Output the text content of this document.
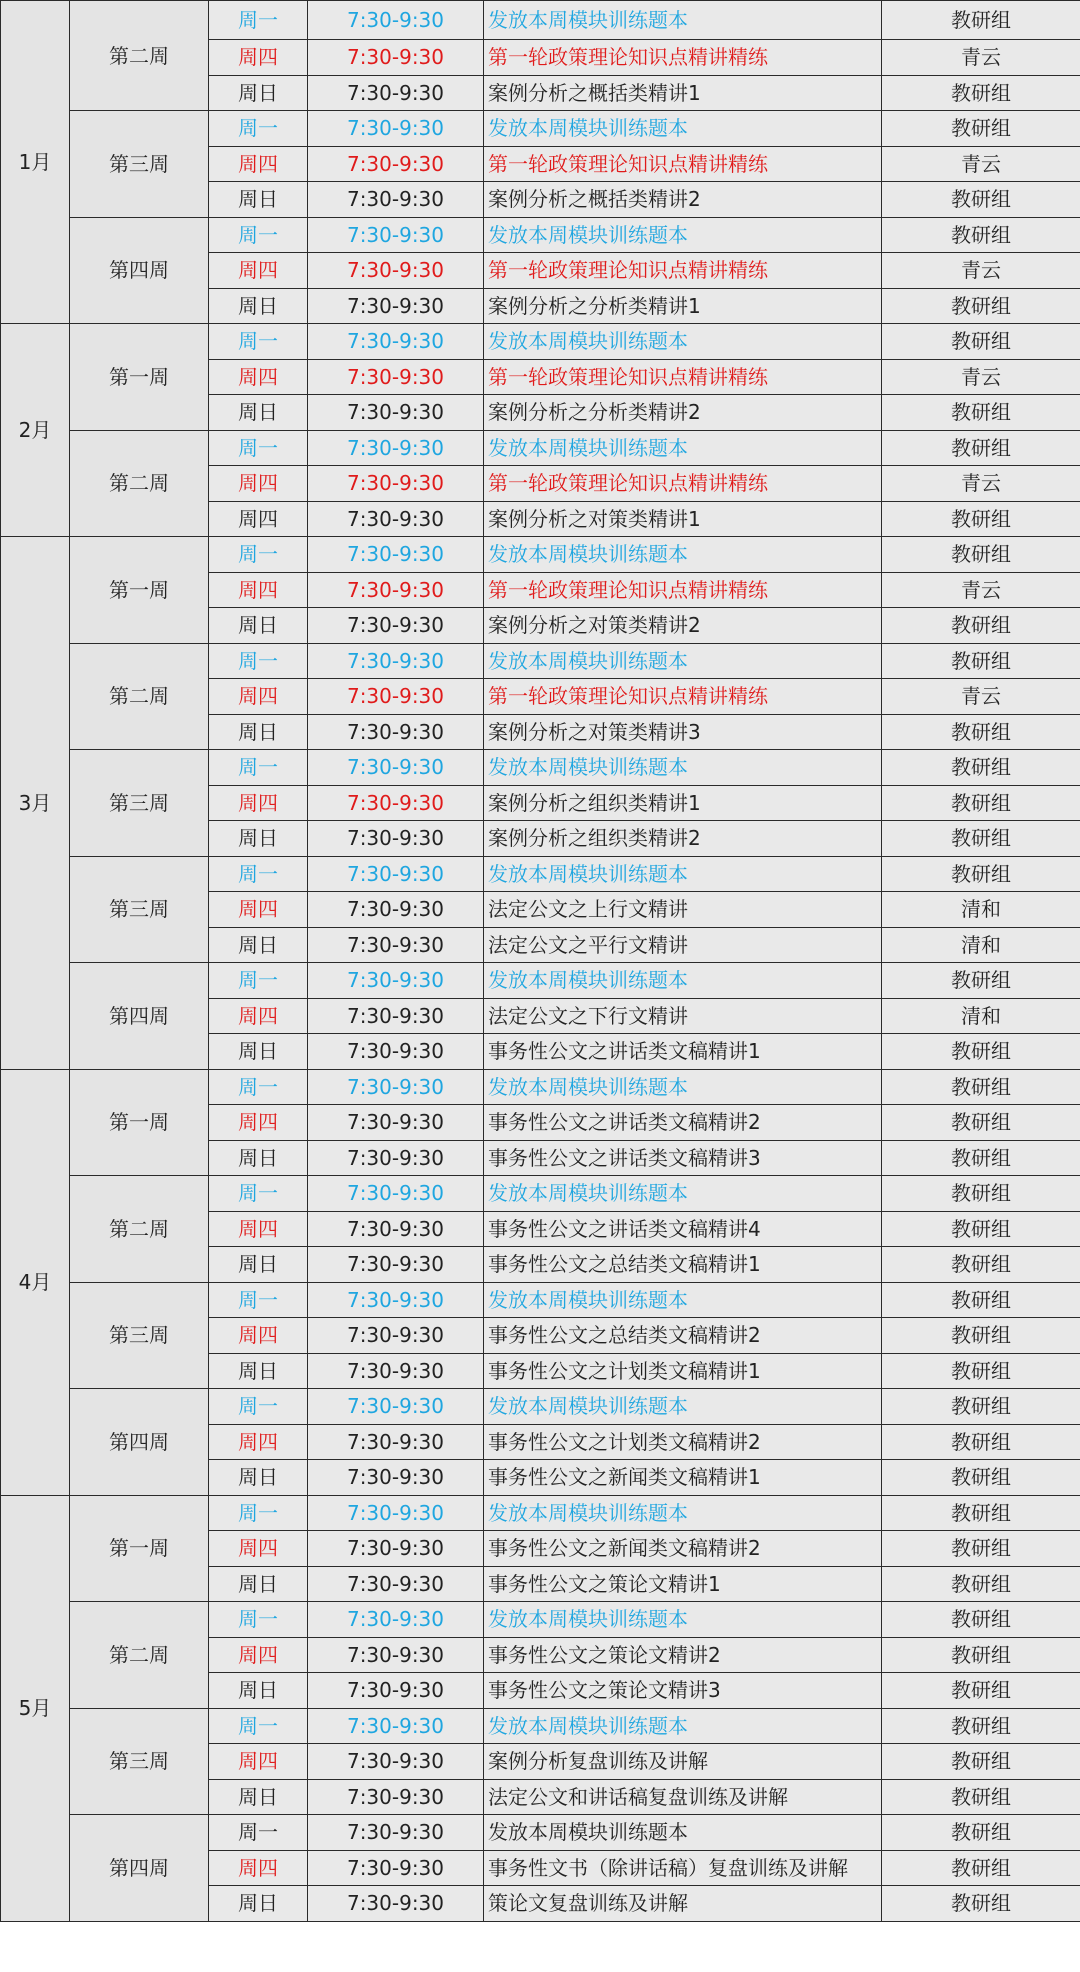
1月	第二周	周一	7:30-9:30	发放本周模块训练题本	教研组
		周四	7:30-9:30	第一轮政策理论知识点精讲精练	青云
		周日	7:30-9:30	案例分析之概括类精讲1	教研组
	第三周	周一	7:30-9:30	发放本周模块训练题本	教研组
		周四	7:30-9:30	第一轮政策理论知识点精讲精练	青云
		周日	7:30-9:30	案例分析之概括类精讲2	教研组
	第四周	周一	7:30-9:30	发放本周模块训练题本	教研组
		周四	7:30-9:30	第一轮政策理论知识点精讲精练	青云
		周日	7:30-9:30	案例分析之分析类精讲1	教研组
2月	第一周	周一	7:30-9:30	发放本周模块训练题本	教研组
		周四	7:30-9:30	第一轮政策理论知识点精讲精练	青云
		周日	7:30-9:30	案例分析之分析类精讲2	教研组
	第二周	周一	7:30-9:30	发放本周模块训练题本	教研组
		周四	7:30-9:30	第一轮政策理论知识点精讲精练	青云
		周四	7:30-9:30	案例分析之对策类精讲1	教研组
3月	第一周	周一	7:30-9:30	发放本周模块训练题本	教研组
		周四	7:30-9:30	第一轮政策理论知识点精讲精练	青云
		周日	7:30-9:30	案例分析之对策类精讲2	教研组
	第二周	周一	7:30-9:30	发放本周模块训练题本	教研组
		周四	7:30-9:30	第一轮政策理论知识点精讲精练	青云
		周日	7:30-9:30	案例分析之对策类精讲3	教研组
	第三周	周一	7:30-9:30	发放本周模块训练题本	教研组
		周四	7:30-9:30	案例分析之组织类精讲1	教研组
		周日	7:30-9:30	案例分析之组织类精讲2	教研组
	第三周	周一	7:30-9:30	发放本周模块训练题本	教研组
		周四	7:30-9:30	法定公文之上行文精讲	清和
		周日	7:30-9:30	法定公文之平行文精讲	清和
	第四周	周一	7:30-9:30	发放本周模块训练题本	教研组
		周四	7:30-9:30	法定公文之下行文精讲	清和
		周日	7:30-9:30	事务性公文之讲话类文稿精讲1	教研组
4月	第一周	周一	7:30-9:30	发放本周模块训练题本	教研组
		周四	7:30-9:30	事务性公文之讲话类文稿精讲2	教研组
		周日	7:30-9:30	事务性公文之讲话类文稿精讲3	教研组
	第二周	周一	7:30-9:30	发放本周模块训练题本	教研组
		周四	7:30-9:30	事务性公文之讲话类文稿精讲4	教研组
		周日	7:30-9:30	事务性公文之总结类文稿精讲1	教研组
	第三周	周一	7:30-9:30	发放本周模块训练题本	教研组
		周四	7:30-9:30	事务性公文之总结类文稿精讲2	教研组
		周日	7:30-9:30	事务性公文之计划类文稿精讲1	教研组
	第四周	周一	7:30-9:30	发放本周模块训练题本	教研组
		周四	7:30-9:30	事务性公文之计划类文稿精讲2	教研组
		周日	7:30-9:30	事务性公文之新闻类文稿精讲1	教研组
5月	第一周	周一	7:30-9:30	发放本周模块训练题本	教研组
		周四	7:30-9:30	事务性公文之新闻类文稿精讲2	教研组
		周日	7:30-9:30	事务性公文之策论文精讲1	教研组
	第二周	周一	7:30-9:30	发放本周模块训练题本	教研组
		周四	7:30-9:30	事务性公文之策论文精讲2	教研组
		周日	7:30-9:30	事务性公文之策论文精讲3	教研组
	第三周	周一	7:30-9:30	发放本周模块训练题本	教研组
		周四	7:30-9:30	案例分析复盘训练及讲解	教研组
		周日	7:30-9:30	法定公文和讲话稿复盘训练及讲解	教研组
	第四周	周一	7:30-9:30	发放本周模块训练题本	教研组
		周四	7:30-9:30	事务性文书（除讲话稿）复盘训练及讲解	教研组
		周日	7:30-9:30	策论文复盘训练及讲解	教研组
